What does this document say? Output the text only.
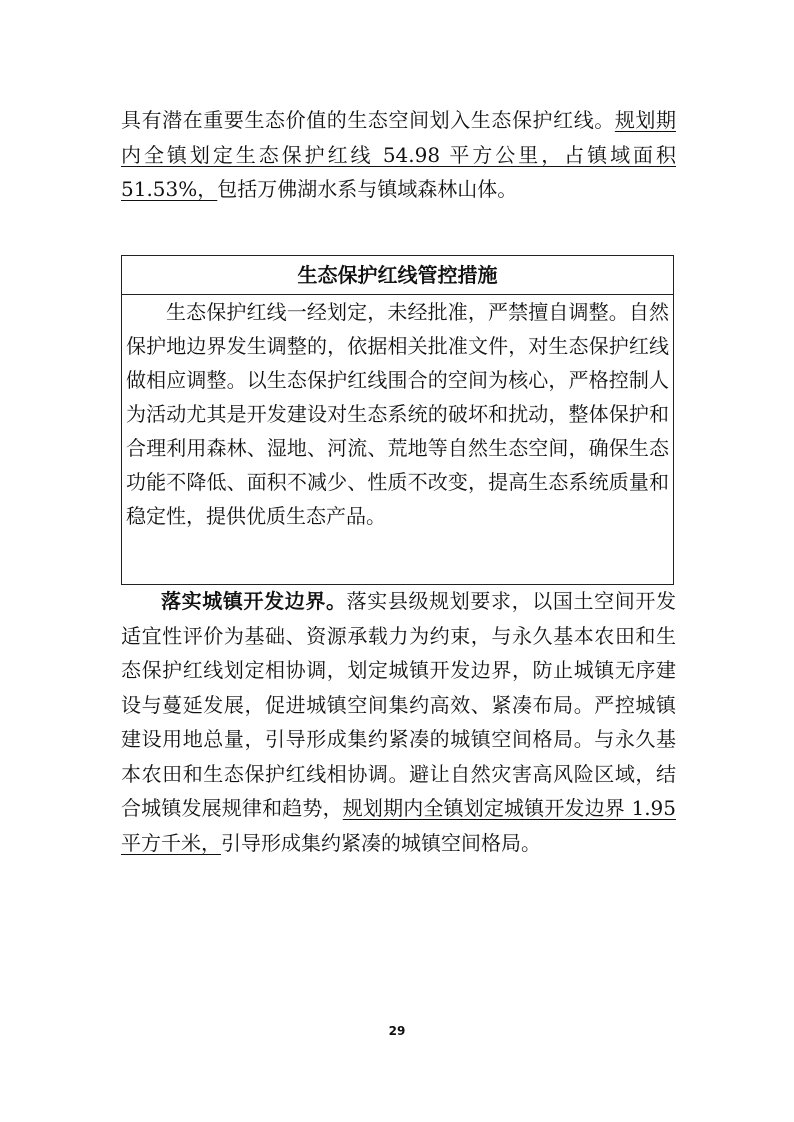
具有潜在重要生态价值的生态空间划入生态保护红线。规划期内全镇划定生态保护红线 54.98 平方公里，占镇域面积 51.53%，包括万佛湖水系与镇域森林山体。

生态保护红线管控措施

生态保护红线一经划定，未经批准，严禁擅自调整。自然保护地边界发生调整的，依据相关批准文件，对生态保护红线做相应调整。以生态保护红线围合的空间为核心，严格控制人为活动尤其是开发建设对生态系统的破坏和扰动，整体保护和合理利用森林、湿地、河流、荒地等自然生态空间，确保生态功能不降低、面积不减少、性质不改变，提高生态系统质量和稳定性，提供优质生态产品。

落实城镇开发边界。落实县级规划要求，以国土空间开发适宜性评价为基础、资源承载力为约束，与永久基本农田和生态保护红线划定相协调，划定城镇开发边界，防止城镇无序建设与蔓延发展，促进城镇空间集约高效、紧凑布局。严控城镇建设用地总量，引导形成集约紧凑的城镇空间格局。与永久基本农田和生态保护红线相协调。避让自然灾害高风险区域，结合城镇发展规律和趋势，规划期内全镇划定城镇开发边界 1.95 平方千米，引导形成集约紧凑的城镇空间格局。

29
